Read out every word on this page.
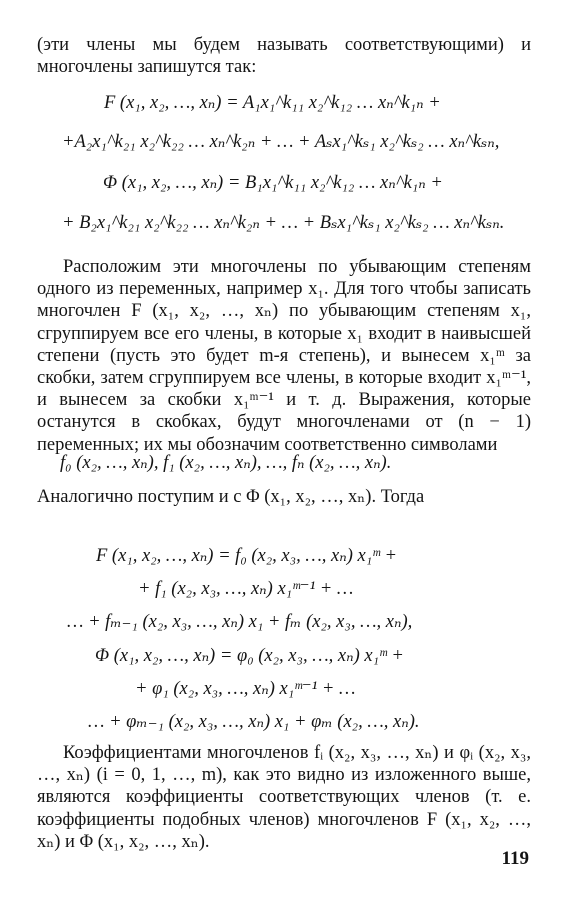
(эти члены мы будем называть соответствующими) и многочлены запишутся так:
F (x₁, x₂, …, xₙ) = A₁x₁^k₁₁ x₂^k₁₂ … xₙ^k₁ₙ +
+A₂x₁^k₂₁ x₂^k₂₂ … xₙ^k₂ₙ + … + Aₛx₁^kₛ₁ x₂^kₛ₂ … xₙ^kₛₙ,
Φ (x₁, x₂, …, xₙ) = B₁x₁^k₁₁ x₂^k₁₂ … xₙ^k₁ₙ +
+ B₂x₁^k₂₁ x₂^k₂₂ … xₙ^k₂ₙ + … + Bₛx₁^kₛ₁ x₂^kₛ₂ … xₙ^kₛₙ.
Расположим эти многочлены по убывающим степеням одного из переменных, например x₁. Для того чтобы записать многочлен F (x₁, x₂, …, xₙ) по убывающим степеням x₁, сгруппируем все его члены, в которые x₁ входит в наивысшей степени (пусть это будет m-я степень), и вынесем x₁ᵐ за скобки, затем сгруппируем все члены, в которые входит x₁ᵐ⁻¹, и вынесем за скобки x₁ᵐ⁻¹ и т. д. Выражения, которые останутся в скобках, будут многочленами от (n − 1) переменных; их мы обозначим соответственно символами
f₀ (x₂, …, xₙ), f₁ (x₂, …, xₙ), …, fₙ (x₂, …, xₙ).
Аналогично поступим и с Φ (x₁, x₂, …, xₙ). Тогда
F (x₁, x₂, …, xₙ) = f₀ (x₂, x₃, …, xₙ) x₁ᵐ +
+ f₁ (x₂, x₃, …, xₙ) x₁ᵐ⁻¹ + …
… + fₘ₋₁ (x₂, x₃, …, xₙ) x₁ + fₘ (x₂, x₃, …, xₙ),
Φ (x₁, x₂, …, xₙ) = φ₀ (x₂, x₃, …, xₙ) x₁ᵐ +
+ φ₁ (x₂, x₃, …, xₙ) x₁ᵐ⁻¹ + …
… + φₘ₋₁ (x₂, x₃, …, xₙ) x₁ + φₘ (x₂, …, xₙ).
Коэффициентами многочленов fᵢ (x₂, x₃, …, xₙ) и φᵢ (x₂, x₃, …, xₙ) (i = 0, 1, …, m), как это видно из изложенного выше, являются коэффициенты соответствующих членов (т. е. коэффициенты подобных членов) многочленов F (x₁, x₂, …, xₙ) и Φ (x₁, x₂, …, xₙ).
119
